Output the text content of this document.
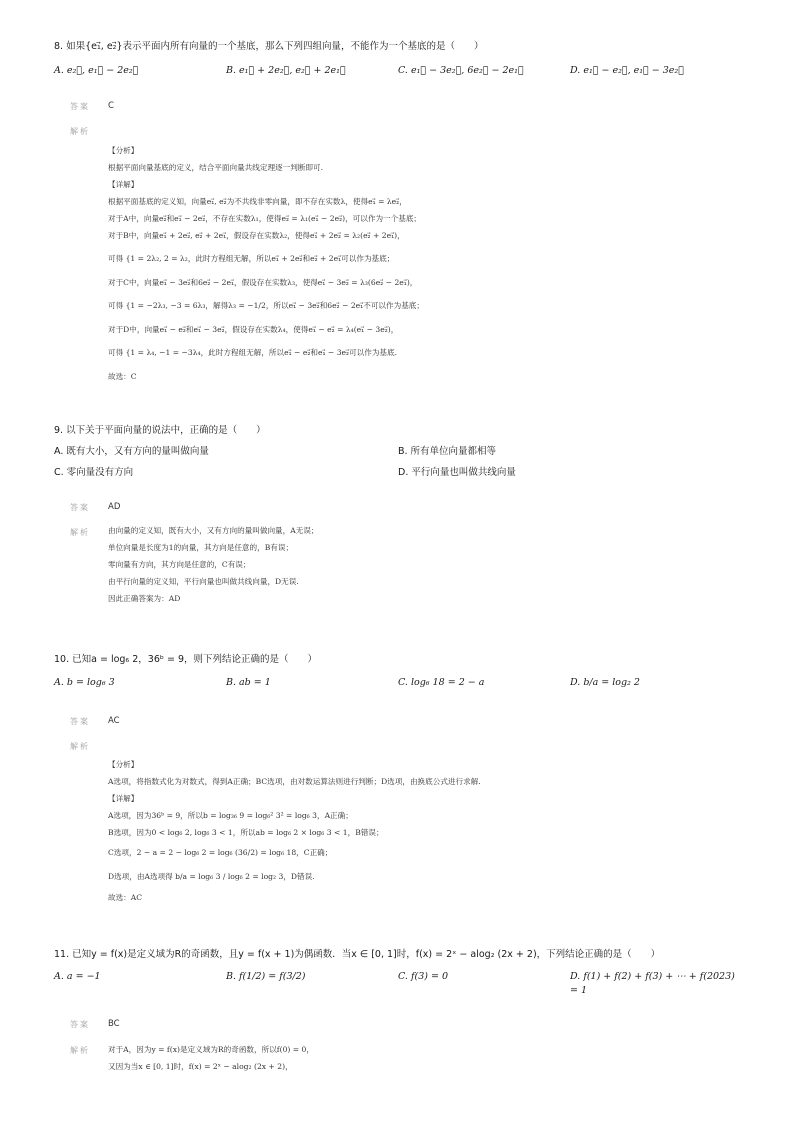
8. 如果{e₁⃗, e₂⃗}表示平面内所有向量的一个基底，那么下列四组向量，不能作为一个基底的是（　　）
A. e₂⃗, e₁⃗ − 2e₂⃗	B. e₁⃗ + 2e₂⃗, e₂⃗ + 2e₁⃗	C. e₁⃗ − 3e₂⃗, 6e₂⃗ − 2e₁⃗	D. e₁⃗ − e₂⃗, e₁⃗ − 3e₂⃗
答案 C
解析
【分析】
根据平面向量基底的定义，结合平面向量共线定理逐一判断即可.
【详解】
根据平面基底的定义知，向量e₁⃗, e₂⃗为不共线非零向量，即不存在实数λ，使得e₁⃗ = λe₂⃗，
对于A中，向量e₂⃗和e₁⃗ − 2e₂⃗，不存在实数λ₁，使得e₂⃗ = λ₁(e₁⃗ − 2e₂⃗)，可以作为一个基底；
对于B中，向量e₁⃗ + 2e₂⃗, e₂⃗ + 2e₁⃗，假设存在实数λ₂，使得e₁⃗ + 2e₂⃗ = λ₂(e₂⃗ + 2e₁⃗)，
可得 {1 = 2λ₂, 2 = λ₂，此时方程组无解，所以e₁⃗ + 2e₂⃗和e₂⃗ + 2e₁⃗可以作为基底；
对于C中，向量e₁⃗ − 3e₂⃗和6e₂⃗ − 2e₁⃗，假设存在实数λ₃，使得e₁⃗ − 3e₂⃗ = λ₃(6e₂⃗ − 2e₁⃗)，
可得 {1 = −2λ₃, −3 = 6λ₃，解得λ₃ = −1/2，所以e₁⃗ − 3e₂⃗和6e₂⃗ − 2e₁⃗不可以作为基底；
对于D中，向量e₁⃗ − e₂⃗和e₁⃗ − 3e₂⃗，假设存在实数λ₄，使得e₁⃗ − e₂⃗ = λ₄(e₁⃗ − 3e₂⃗)，
可得 {1 = λ₄, −1 = −3λ₄，此时方程组无解，所以e₁⃗ − e₂⃗和e₁⃗ − 3e₂⃗可以作为基底.
故选：C
9. 以下关于平面向量的说法中，正确的是（　　）
A. 既有大小，又有方向的量叫做向量	B. 所有单位向量都相等
C. 零向量没有方向	D. 平行向量也叫做共线向量
答案 AD
解析 由向量的定义知，既有大小，又有方向的量叫做向量，A无误；
单位向量是长度为1的向量，其方向是任意的，B有误；
零向量有方向，其方向是任意的，C有误；
由平行向量的定义知，平行向量也叫做共线向量，D无误.
因此正确答案为：AD
10. 已知a = log₆ 2，36ᵇ = 9，则下列结论正确的是（　　）
A. b = log₆ 3	B. ab = 1	C. log₆ 18 = 2 − a	D. b/a = log₂ 2
答案 AC
解析
【分析】
A选项，将指数式化为对数式，得到A正确；BC选项，由对数运算法则进行判断；D选项，由换底公式进行求解.
【详解】
A选项，因为36ᵇ = 9，所以b = log₃₆ 9 = log₆² 3² = log₆ 3，A正确；
B选项，因为0 < log₆ 2, log₆ 3 < 1，所以ab = log₆ 2 × log₆ 3 < 1，B错误；
C选项，2 − a = 2 − log₆ 2 = log₆ (36/2) = log₆ 18，C正确；
D选项，由A选项得 b/a = log₆ 3 / log₆ 2 = log₂ 3，D错误.
故选：AC
11. 已知y = f(x)是定义域为R的奇函数，且y = f(x + 1)为偶函数．当x ∈ [0, 1]时，f(x) = 2ˣ − alog₂ (2x + 2)，下列结论正确的是（　　）
A. a = −1	B. f(1/2) = f(3/2)	C. f(3) = 0	D. f(1) + f(2) + f(3) + ⋯ + f(2023) = 1
答案 BC
解析 对于A，因为y = f(x)是定义域为R的奇函数，所以f(0) = 0，
又因为当x ∈ [0, 1]时，f(x) = 2ˣ − alog₂ (2x + 2)，
